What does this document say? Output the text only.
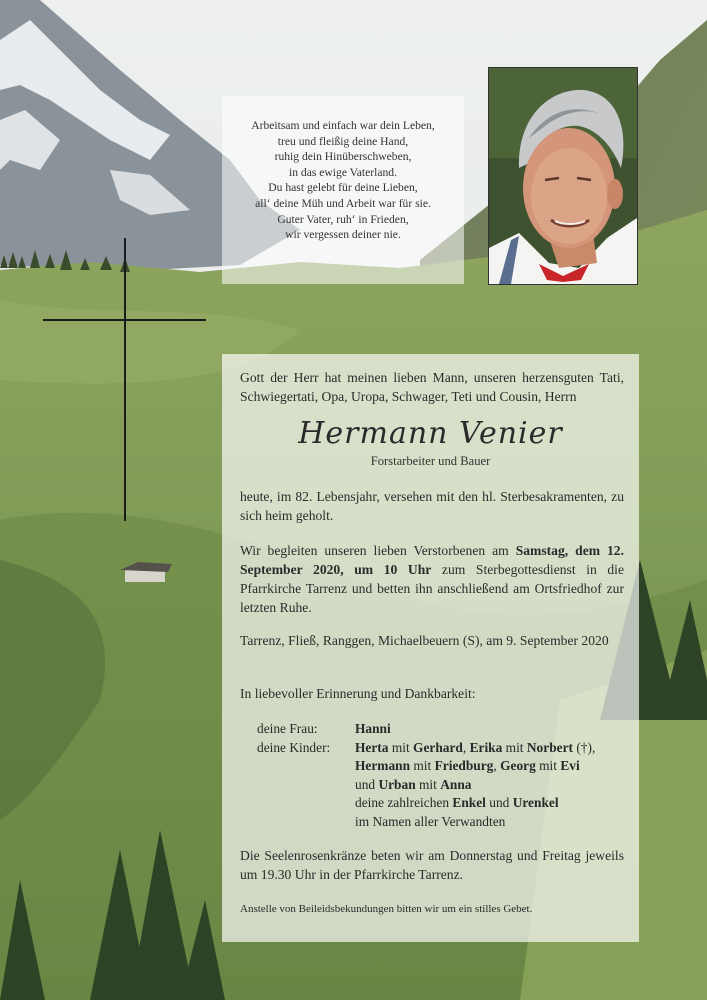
Arbeitsam und einfach war dein Leben,
treu und fleißig deine Hand,
ruhig dein Hinüberschweben,
in das ewige Vaterland.
Du hast gelebt für deine Lieben,
all‘ deine Müh und Arbeit war für sie.
Guter Vater, ruh‘ in Frieden,
wir vergessen deiner nie.
Gott der Herr hat meinen lieben Mann, unseren herzensguten Tati, Schwiegertati, Opa, Uropa, Schwager, Teti und Cousin, Herrn
Hermann Venier
Forstarbeiter und Bauer
heute, im 82. Lebensjahr, versehen mit den hl. Sterbesakramenten, zu sich heim geholt.
Wir begleiten unseren lieben Verstorbenen am Samstag, dem 12. September 2020, um 10 Uhr zum Sterbegottesdienst in die Pfarrkirche Tarrenz und betten ihn anschließend am Ortsfriedhof zur letzten Ruhe.
Tarrenz, Fließ, Ranggen, Michaelbeuern (S), am 9. September 2020
In liebevoller Erinnerung und Dankbarkeit:
deine Frau:	Hanni
deine Kinder:	Herta mit Gerhard, Erika mit Norbert (†),
Hermann mit Friedburg, Georg mit Evi
und Urban mit Anna
deine zahlreichen Enkel und Urenkel
im Namen aller Verwandten
Die Seelenrosenkränze beten wir am Donnerstag und Freitag jeweils um 19.30 Uhr in der Pfarrkirche Tarrenz.
Anstelle von Beileidsbekundungen bitten wir um ein stilles Gebet.
